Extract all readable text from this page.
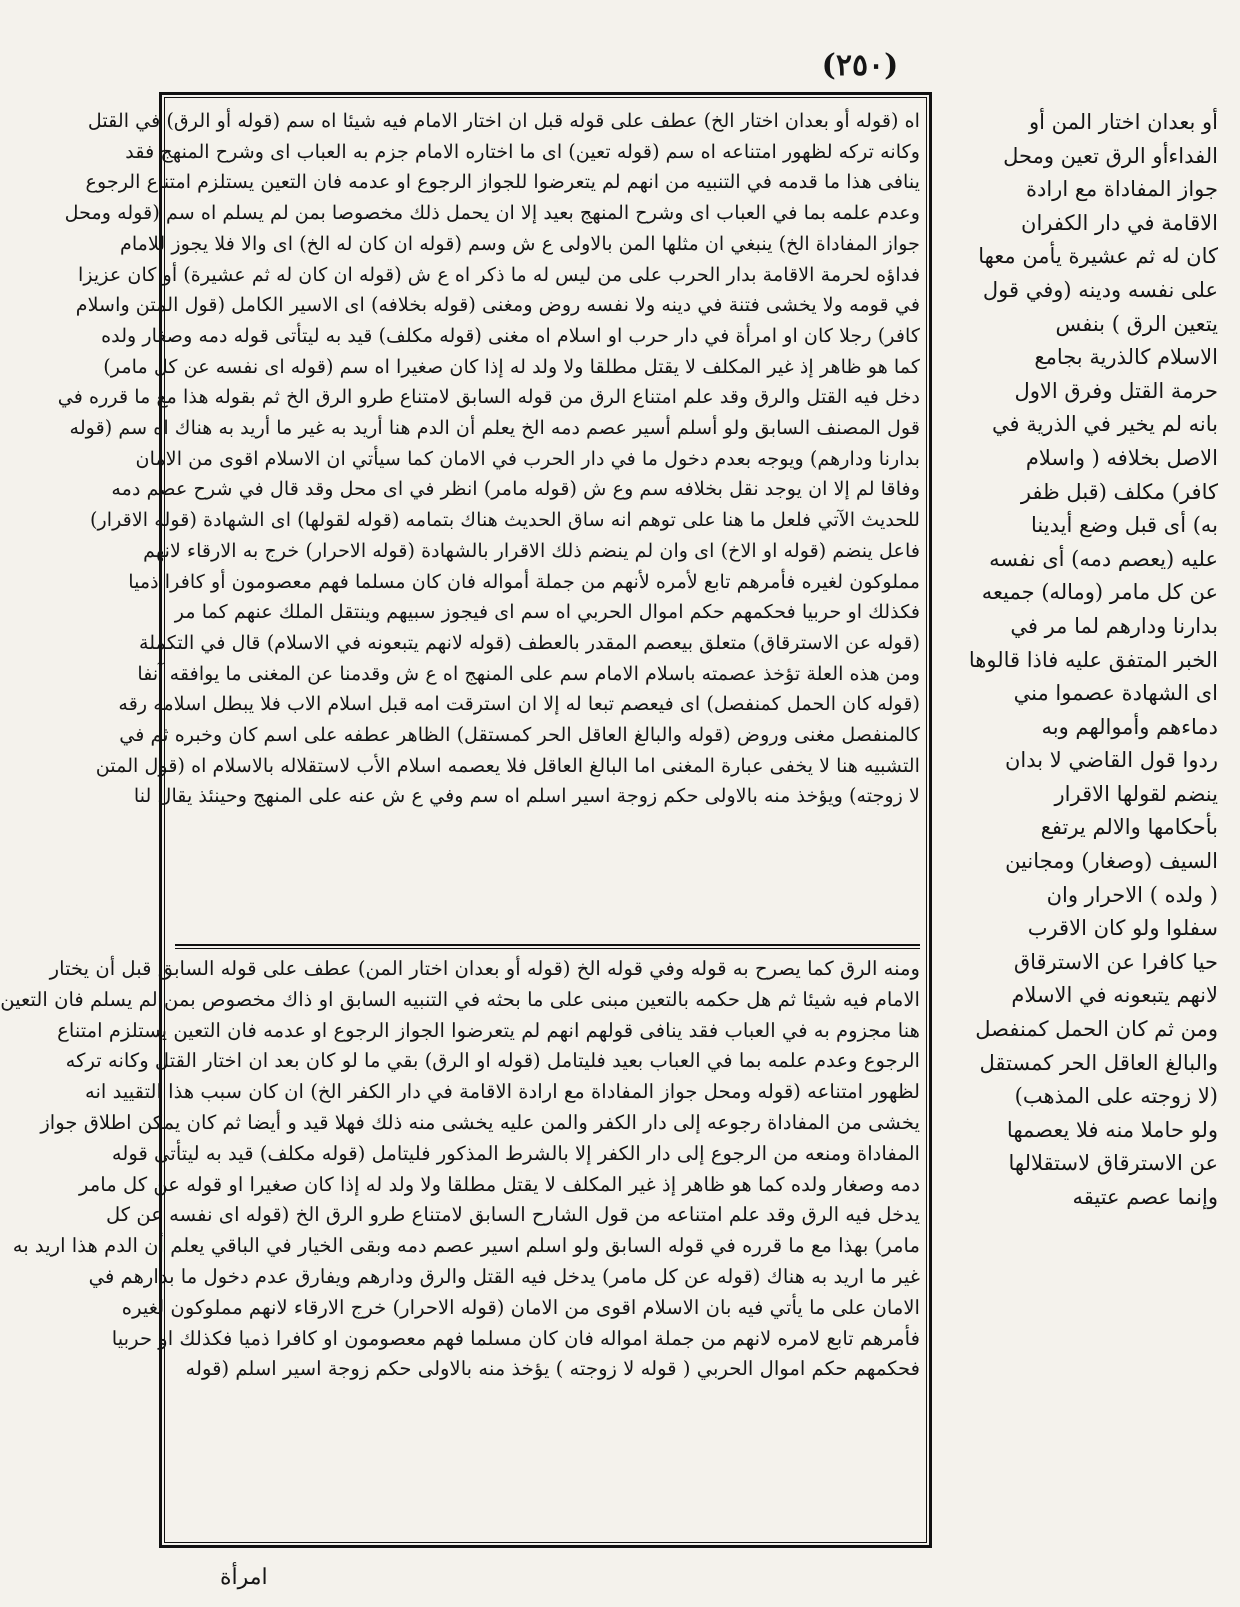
(٢٥٠)

اه (قوله أو بعدان اختار الخ) عطف على قوله قبل ان اختار الامام فيه شيئا اه سم (قوله أو الرق) في القتل

وكانه تركه لظهور امتناعه اه سم (قوله تعين) اى ما اختاره الامام جزم به العباب اى وشرح المنهج فقد

ينافى هذا ما قدمه في التنبيه من انهم لم يتعرضوا للجواز الرجوع او عدمه فان التعين يستلزم امتناع الرجوع

وعدم علمه بما في العباب اى وشرح المنهج بعيد إلا ان يحمل ذلك مخصوصا بمن لم يسلم اه سم (قوله ومحل

جواز المفاداة الخ) ينبغي ان مثلها المن بالاولى ع ش وسم (قوله ان كان له الخ) اى والا فلا يجوز للامام

فداؤه لحرمة الاقامة بدار الحرب على من ليس له ما ذكر اه ع ش (قوله ان كان له ثم عشيرة) أو كان عزيزا

في قومه ولا يخشى فتنة في دينه ولا نفسه روض ومغنى (قوله بخلافه) اى الاسير الكامل (قول المتن واسلام

كافر) رجلا كان او امرأة في دار حرب او اسلام اه مغنى (قوله مكلف) قيد به ليتأتى قوله دمه وصغار ولده

كما هو ظاهر إذ غير المكلف لا يقتل مطلقا ولا ولد له إذا كان صغيرا اه سم (قوله اى نفسه عن كل مامر)

دخل فيه القتل والرق وقد علم امتناع الرق من قوله السابق لامتناع طرو الرق الخ ثم بقوله هذا مع ما قرره في

قول المصنف السابق ولو أسلم أسير عصم دمه الخ يعلم أن الدم هنا أريد به غير ما أريد به هناك اه سم (قوله

بدارنا ودارهم) ويوجه بعدم دخول ما في دار الحرب في الامان كما سيأتي ان الاسلام اقوى من الامان

وفاقا لم إلا ان يوجد نقل بخلافه سم وع ش (قوله مامر) انظر في اى محل وقد قال في شرح عصم دمه

للحديث الآتي فلعل ما هنا على توهم انه ساق الحديث هناك بتمامه (قوله لقولها) اى الشهادة (قوله الاقرار)

فاعل ينضم (قوله او الاخ) اى وان لم ينضم ذلك الاقرار بالشهادة (قوله الاحرار) خرج به الارقاء لانهم

مملوكون لغيره فأمرهم تابع لأمره لأنهم من جملة أمواله فان كان مسلما فهم معصومون أو كافرا ذميا

فكذلك او حربيا فحكمهم حكم اموال الحربي اه سم اى فيجوز سبيهم وينتقل الملك عنهم كما مر

(قوله عن الاسترقاق) متعلق بيعصم المقدر بالعطف (قوله لانهم يتبعونه في الاسلام) قال في التكملة

ومن هذه العلة تؤخذ عصمته باسلام الامام سم على المنهج اه ع ش وقدمنا عن المغنى ما يوافقه آنفا

(قوله كان الحمل كمنفصل) اى فيعصم تبعا له إلا ان استرقت امه قبل اسلام الاب فلا يبطل اسلامه رقه

كالمنفصل مغنى وروض (قوله والبالغ العاقل الحر كمستقل) الظاهر عطفه على اسم كان وخبره ثم في

التشبيه هنا لا يخفى عبارة المغنى اما البالغ العاقل فلا يعصمه اسلام الأب لاستقلاله بالاسلام اه (قول المتن

لا زوجته) ويؤخذ منه بالاولى حكم زوجة اسير اسلم اه سم وفي ع ش عنه على المنهج وحينئذ يقال لنا

ومنه الرق كما يصرح به قوله وفي قوله الخ (قوله أو بعدان اختار المن) عطف على قوله السابق قبل أن يختار

الامام فيه شيئا ثم هل حكمه بالتعين مبنى على ما بحثه في التنبيه السابق او ذاك مخصوص بمن لم يسلم فان التعين

هنا مجزوم به في العباب فقد ينافى قولهم انهم لم يتعرضوا الجواز الرجوع او عدمه فان التعين يستلزم امتناع

الرجوع وعدم علمه بما في العباب بعيد فليتامل (قوله او الرق) بقي ما لو كان بعد ان اختار القتل وكانه تركه

لظهور امتناعه (قوله ومحل جواز المفاداة مع ارادة الاقامة في دار الكفر الخ) ان كان سبب هذا التقييد انه

يخشى من المفاداة رجوعه إلى دار الكفر والمن عليه يخشى منه ذلك فهلا قيد و أيضا ثم كان يمكن اطلاق جواز

المفاداة ومنعه من الرجوع إلى دار الكفر إلا بالشرط المذكور فليتامل (قوله مكلف) قيد به ليتأتى قوله

دمه وصغار ولده كما هو ظاهر إذ غير المكلف لا يقتل مطلقا ولا ولد له إذا كان صغيرا او قوله عن كل مامر

يدخل فيه الرق وقد علم امتناعه من قول الشارح السابق لامتناع طرو الرق الخ (قوله اى نفسه عن كل

مامر) بهذا مع ما قرره في قوله السابق ولو اسلم اسير عصم دمه وبقى الخيار في الباقي يعلم أن الدم هذا اريد به

غير ما اريد به هناك (قوله عن كل مامر) يدخل فيه القتل والرق ودارهم ويفارق عدم دخول ما بدارهم في

الامان على ما يأتي فيه بان الاسلام اقوى من الامان (قوله الاحرار) خرج الارقاء لانهم مملوكون لغيره

فأمرهم تابع لامره لانهم من جملة امواله فان كان مسلما فهم معصومون او كافرا ذميا فكذلك او حربيا

فحكمهم حكم اموال الحربي ( قوله لا زوجته ) يؤخذ منه بالاولى حكم زوجة اسير اسلم (قوله

أو بعدان اختار المن أو

الفداءأو الرق تعين ومحل

جواز المفاداة مع ارادة

الاقامة في دار الكفران

كان له ثم عشيرة يأمن معها

على نفسه ودينه (وفي قول

يتعين الرق ) بنفس

الاسلام كالذرية بجامع

حرمة القتل وفرق الاول

بانه لم يخير في الذرية في

الاصل بخلافه ( واسلام

كافر) مكلف (قبل ظفر

به) أى قبل وضع أيدينا

عليه (يعصم دمه) أى نفسه

عن كل مامر (وماله) جميعه

بدارنا ودارهم لما مر في

الخبر المتفق عليه فاذا قالوها

اى الشهادة عصموا مني

دماءهم وأموالهم وبه

ردوا قول القاضي لا بدان

ينضم لقولها الاقرار

بأحكامها والالم يرتفع

السيف (وصغار) ومجانين

( ولده ) الاحرار وان

سفلوا ولو كان الاقرب

حيا كافرا عن الاسترقاق

لانهم يتبعونه في الاسلام

ومن ثم كان الحمل كمنفصل

والبالغ العاقل الحر كمستقل

(لا زوجته على المذهب)

ولو حاملا منه فلا يعصمها

عن الاسترقاق لاستقلالها

وإنما عصم عتيقه

امرأة
